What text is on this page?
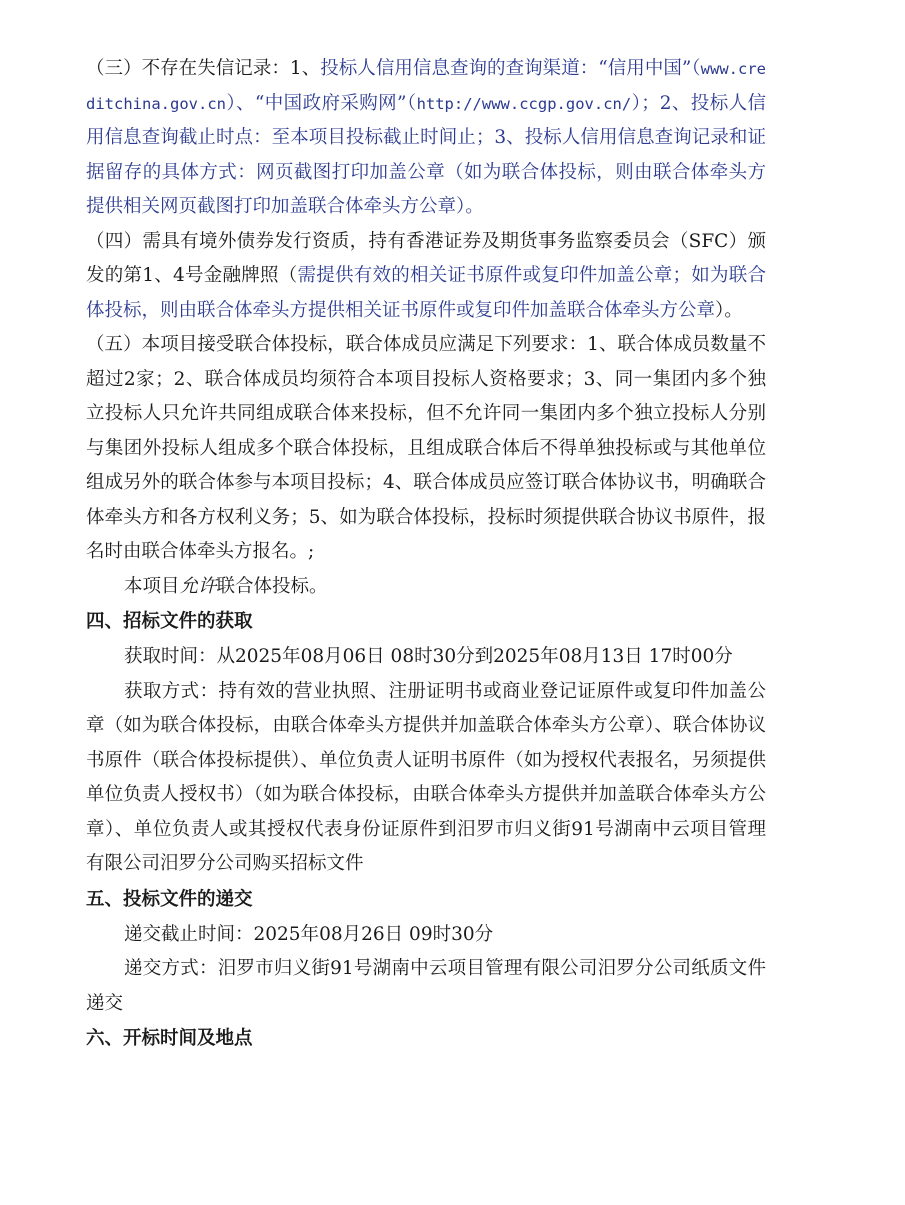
（三）不存在失信记录：1、投标人信用信息查询的查询渠道：“信用中国”（www.creditchina.gov.cn）、“中国政府采购网”（http://www.ccgp.gov.cn/）；2、投标人信用信息查询截止时点：至本项目投标截止时间止；3、投标人信用信息查询记录和证据留存的具体方式：网页截图打印加盖公章（如为联合体投标，则由联合体牵头方提供相关网页截图打印加盖联合体牵头方公章）。

（四）需具有境外债券发行资质，持有香港证券及期货事务监察委员会（SFC）颁发的第1、4号金融牌照（需提供有效的相关证书原件或复印件加盖公章；如为联合体投标，则由联合体牵头方提供相关证书原件或复印件加盖联合体牵头方公章）。

（五）本项目接受联合体投标，联合体成员应满足下列要求：1、联合体成员数量不超过2家；2、联合体成员均须符合本项目投标人资格要求；3、同一集团内多个独立投标人只允许共同组成联合体来投标，但不允许同一集团内多个独立投标人分别与集团外投标人组成多个联合体投标，且组成联合体后不得单独投标或与其他单位组成另外的联合体参与本项目投标；4、联合体成员应签订联合体协议书，明确联合体牵头方和各方权利义务；5、如为联合体投标，投标时须提供联合协议书原件，报名时由联合体牵头方报名。;

本项目允许联合体投标。

四、招标文件的获取

获取时间：从2025年08月06日 08时30分到2025年08月13日 17时00分

获取方式：持有效的营业执照、注册证明书或商业登记证原件或复印件加盖公章（如为联合体投标，由联合体牵头方提供并加盖联合体牵头方公章）、联合体协议书原件（联合体投标提供）、单位负责人证明书原件（如为授权代表报名，另须提供单位负责人授权书）（如为联合体投标，由联合体牵头方提供并加盖联合体牵头方公章）、单位负责人或其授权代表身份证原件到汨罗市归义街91号湖南中云项目管理有限公司汨罗分公司购买招标文件

五、投标文件的递交

递交截止时间：2025年08月26日 09时30分

递交方式：汨罗市归义街91号湖南中云项目管理有限公司汨罗分公司纸质文件递交

六、开标时间及地点
